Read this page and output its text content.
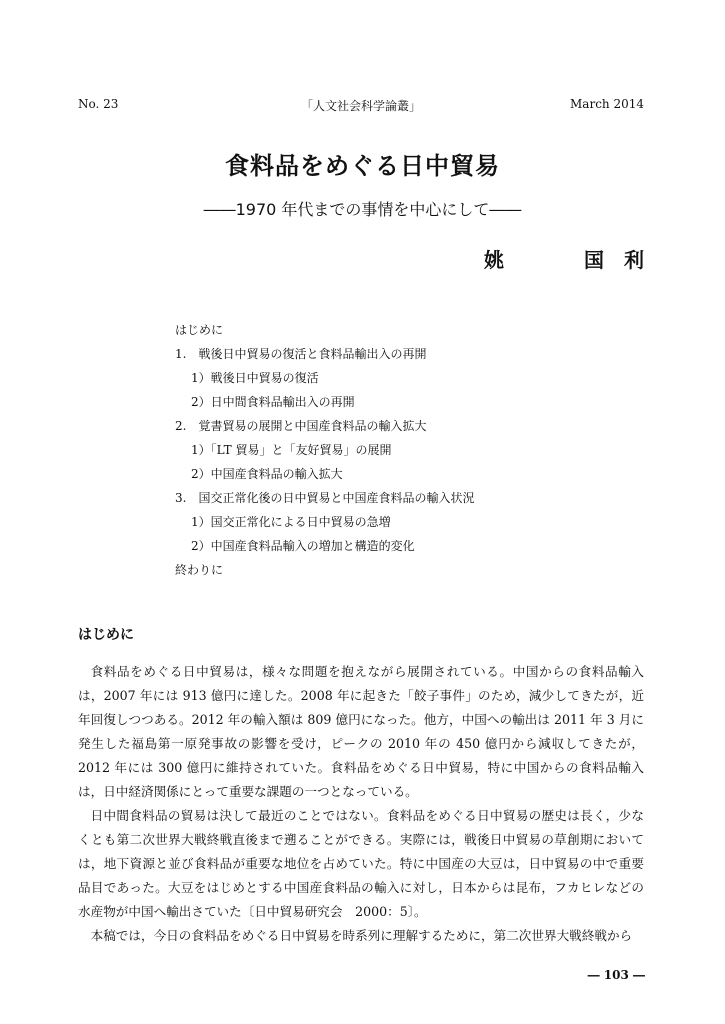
No. 23	「人文社会科学論叢」	March 2014
食料品をめぐる日中貿易
――1970 年代までの事情を中心にして――
姚	国　利
はじめに
1.　戦後日中貿易の復活と食料品輸出入の再開
1）戦後日中貿易の復活
2）日中間食料品輸出入の再開
2.　覚書貿易の展開と中国産食料品の輸入拡大
1）「LT 貿易」と「友好貿易」の展開
2）中国産食料品の輸入拡大
3.　国交正常化後の日中貿易と中国産食料品の輸入状況
1）国交正常化による日中貿易の急増
2）中国産食料品輸入の増加と構造的変化
終わりに
はじめに

食料品をめぐる日中貿易は，様々な問題を抱えながら展開されている。中国からの食料品輸入は，2007 年には 913 億円に達した。2008 年に起きた「餃子事件」のため，減少してきたが，近年回復しつつある。2012 年の輸入額は 809 億円になった。他方，中国への輸出は 2011 年 3 月に発生した福島第一原発事故の影響を受け，ピークの 2010 年の 450 億円から減収してきたが，2012 年には 300 億円に維持されていた。食料品をめぐる日中貿易，特に中国からの食料品輸入は，日中経済関係にとって重要な課題の一つとなっている。

日中間食料品の貿易は決して最近のことではない。食料品をめぐる日中貿易の歴史は長く，少なくとも第二次世界大戦終戦直後まで遡ることができる。実際には，戦後日中貿易の草創期においては，地下資源と並び食料品が重要な地位を占めていた。特に中国産の大豆は，日中貿易の中で重要品目であった。大豆をはじめとする中国産食料品の輸入に対し，日本からは昆布，フカヒレなどの水産物が中国へ輸出さていた〔日中貿易研究会　2000：5〕。

本稿では，今日の食料品をめぐる日中貿易を時系列に理解するために，第二次世界大戦終戦から

― 103 ―
